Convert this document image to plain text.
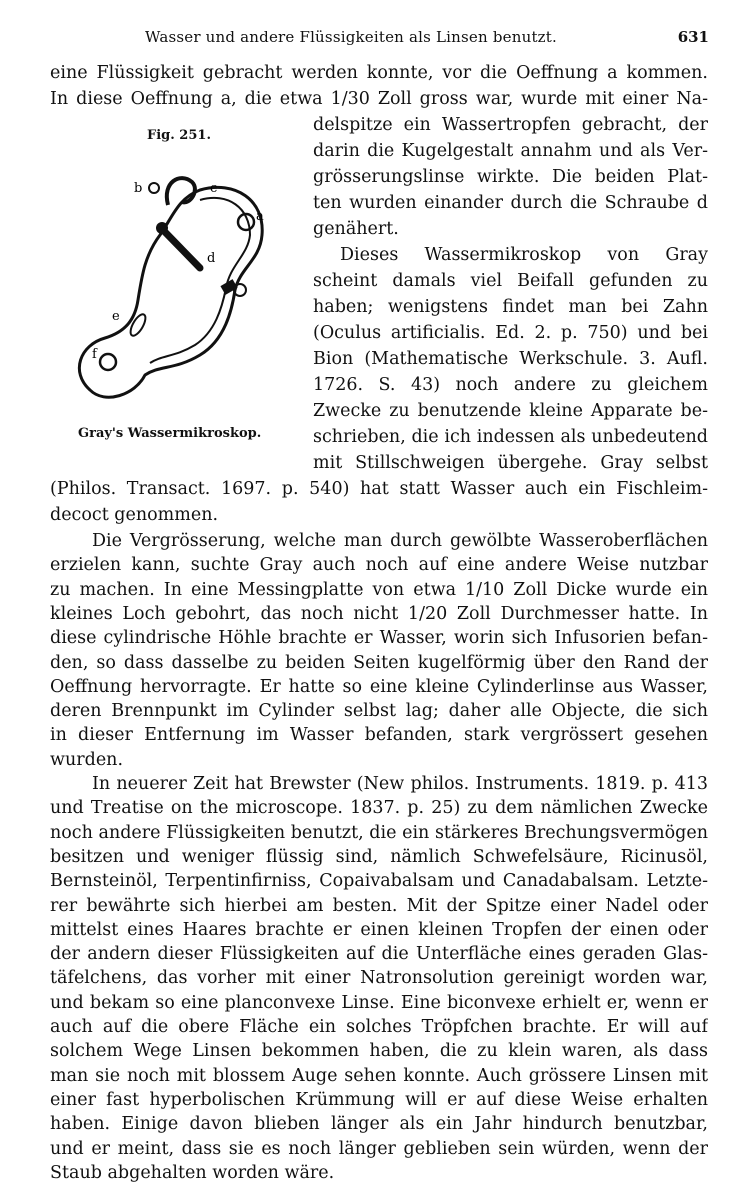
Wasser und andere Flüssigkeiten als Linsen benutzt.	631
Fig. 251.
b	c
a
d
e
f
Gray's Wassermikroskop.
eine Flüssigkeit gebracht werden konnte, vor die Oeffnung a kommen.
In diese Oeffnung a, die etwa 1/30 Zoll gross war, wurde mit einer Na-
delspitze ein Wassertropfen gebracht, der
darin die Kugelgestalt annahm und als Ver-
grösserungslinse wirkte. Die beiden Plat-
ten wurden einander durch die Schraube d
genähert.
Dieses Wassermikroskop von Gray
scheint damals viel Beifall gefunden zu
haben; wenigstens findet man bei Zahn
(Oculus artificialis. Ed. 2. p. 750) und bei
Bion (Mathematische Werkschule. 3. Aufl.
1726. S. 43) noch andere zu gleichem
Zwecke zu benutzende kleine Apparate be-
schrieben, die ich indessen als unbedeutend
mit Stillschweigen übergehe. Gray selbst
(Philos. Transact. 1697. p. 540) hat statt Wasser auch ein Fischleim-
decoct genommen.
Die Vergrösserung, welche man durch gewölbte Wasseroberflächen
erzielen kann, suchte Gray auch noch auf eine andere Weise nutzbar
zu machen. In eine Messingplatte von etwa 1/10 Zoll Dicke wurde ein
kleines Loch gebohrt, das noch nicht 1/20 Zoll Durchmesser hatte. In
diese cylindrische Höhle brachte er Wasser, worin sich Infusorien befan-
den, so dass dasselbe zu beiden Seiten kugelförmig über den Rand der
Oeffnung hervorragte. Er hatte so eine kleine Cylinderlinse aus Wasser,
deren Brennpunkt im Cylinder selbst lag; daher alle Objecte, die sich
in dieser Entfernung im Wasser befanden, stark vergrössert gesehen
wurden.
In neuerer Zeit hat Brewster (New philos. Instruments. 1819. p. 413
und Treatise on the microscope. 1837. p. 25) zu dem nämlichen Zwecke
noch andere Flüssigkeiten benutzt, die ein stärkeres Brechungsvermögen
besitzen und weniger flüssig sind, nämlich Schwefelsäure, Ricinusöl,
Bernsteinöl, Terpentinfirniss, Copaivabalsam und Canadabalsam. Letzte-
rer bewährte sich hierbei am besten. Mit der Spitze einer Nadel oder
mittelst eines Haares brachte er einen kleinen Tropfen der einen oder
der andern dieser Flüssigkeiten auf die Unterfläche eines geraden Glas-
täfelchens, das vorher mit einer Natronsolution gereinigt worden war,
und bekam so eine planconvexe Linse. Eine biconvexe erhielt er, wenn er
auch auf die obere Fläche ein solches Tröpfchen brachte. Er will auf
solchem Wege Linsen bekommen haben, die zu klein waren, als dass
man sie noch mit blossem Auge sehen konnte. Auch grössere Linsen mit
einer fast hyperbolischen Krümmung will er auf diese Weise erhalten
haben. Einige davon blieben länger als ein Jahr hindurch benutzbar,
und er meint, dass sie es noch länger geblieben sein würden, wenn der
Staub abgehalten worden wäre.
